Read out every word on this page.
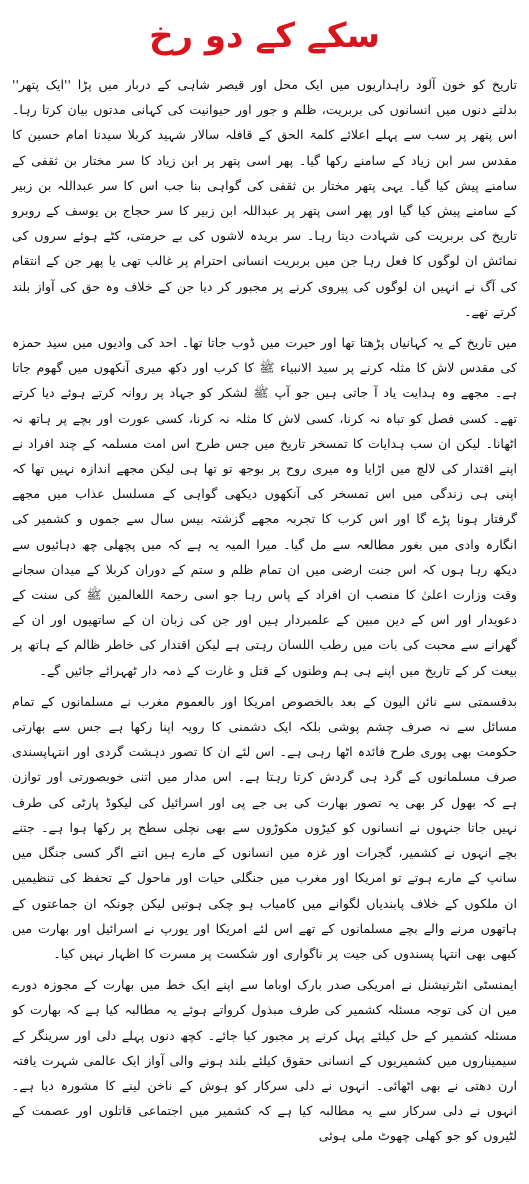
سکے کے دو رخ

تاریخ کو خون آلود راہداریوں میں ایک محل اور قیصر شاہی کے دربار میں پڑا ''ایک پتھر'' بدلتے دنوں میں انسانوں کی بربریت، ظلم و جور اور حیوانیت کی کہانی مدتوں بیان کرتا رہا۔ اس پتھر پر سب سے پہلے اعلائے کلمۃ الحق کے قافلہ سالار شہید کربلا سیدنا امام حسین کا مقدس سر ابن زیاد کے سامنے رکھا گیا۔ پھر اسی پتھر پر ابن زیاد کا سر مختار بن ثقفی کے سامنے پیش کیا گیا۔ یہی پتھر مختار بن ثقفی کی گواہی بنا جب اس کا سر عبداللہ بن زبیر کے سامنے پیش کیا گیا اور پھر اسی پتھر پر عبداللہ ابن زبیر کا سر حجاج بن یوسف کے روبرو تاریخ کی بربریت کی شہادت دیتا رہا۔ سر بریدہ لاشوں کی بے حرمتی، کٹے ہوئے سروں کی نمائش ان لوگوں کا فعل رہا جن میں بربریت انسانی احترام پر غالب تھی یا پھر جن کے انتقام کی آگ نے انہیں ان لوگوں کی پیروی کرنے پر مجبور کر دیا جن کے خلاف وہ حق کی آواز بلند کرتے تھے۔

میں تاریخ کے یہ کہانیاں پڑھتا تھا اور حیرت میں ڈوب جاتا تھا۔ احد کی وادیوں میں سید حمزہ کی مقدس لاش کا مثلہ کرنے پر سید الانبیاء ﷺ کا کرب اور دکھ میری آنکھوں میں گھوم جاتا ہے۔ مجھے وہ ہدایت یاد آ جاتی ہیں جو آپ ﷺ لشکر کو جہاد پر روانہ کرتے ہوئے دیا کرتے تھے۔ کسی فصل کو تباہ نہ کرنا، کسی لاش کا مثلہ نہ کرنا، کسی عورت اور بچے پر ہاتھ نہ اٹھانا۔ لیکن ان سب ہدایات کا تمسخر تاریخ میں جس طرح اس امت مسلمہ کے چند افراد نے اپنے اقتدار کی لالچ میں اڑایا وہ میری روح پر بوجھ تو تھا ہی لیکن مجھے اندازہ نہیں تھا کہ اپنی ہی زندگی میں اس تمسخر کی آنکھوں دیکھی گواہی کے مسلسل عذاب میں مجھے گرفتار ہونا پڑے گا اور اس کرب کا تجربہ مجھے گزشتہ بیس سال سے جموں و کشمیر کی انگارہ وادی میں بغور مطالعہ سے مل گیا۔ میرا المیہ یہ ہے کہ میں پچھلی چھ دہائیوں سے دیکھ رہا ہوں کہ اس جنت ارضی میں ان تمام ظلم و ستم کے دوران کربلا کے میدان سجانے وقت وزارت اعلیٰ کا منصب ان افراد کے پاس رہا جو اسی رحمۃ اللعالمین ﷺ کی سنت کے دعویدار اور اس کے دین مبین کے علمبردار ہیں اور جن کی زبان ان کے ساتھیوں اور ان کے گھرانے سے محبت کی بات میں رطب اللسان رہتی ہے لیکن اقتدار کی خاطر ظالم کے ہاتھ پر بیعت کر کے تاریخ میں اپنے ہی ہم وطنوں کے قتل و غارت کے ذمہ دار ٹھہرائے جائیں گے۔

بدقسمتی سے نائن الیون کے بعد بالخصوص امریکا اور بالعموم مغرب نے مسلمانوں کے تمام مسائل سے نہ صرف چشم پوشی بلکہ ایک دشمنی کا رویہ اپنا رکھا ہے جس سے بھارتی حکومت بھی پوری طرح فائدہ اٹھا رہی ہے۔ اس لئے ان کا تصور دہشت گردی اور انتہاپسندی صرف مسلمانوں کے گرد ہی گردش کرتا رہتا ہے۔ اس مدار میں اتنی خوبصورتی اور توازن ہے کہ بھول کر بھی یہ تصور بھارت کی بی جے پی اور اسرائیل کی لیکوڈ پارٹی کی طرف نہیں جاتا جنہوں نے انسانوں کو کیڑوں مکوڑوں سے بھی نچلی سطح پر رکھا ہوا ہے۔ جتنے بچے انہوں نے کشمیر، گجرات اور غزہ میں انسانوں کے مارے ہیں اتنے اگر کسی جنگل میں سانپ کے مارے ہوتے تو امریکا اور مغرب میں جنگلی حیات اور ماحول کے تحفظ کی تنظیمیں ان ملکوں کے خلاف پابندیاں لگوانے میں کامیاب ہو چکی ہوتیں لیکن چونکہ ان جماعتوں کے ہاتھوں مرنے والے بچے مسلمانوں کے تھے اس لئے امریکا اور یورپ نے اسرائیل اور بھارت میں کبھی بھی انتہا پسندوں کی جیت پر ناگواری اور شکست پر مسرت کا اظہار نہیں کیا۔

ایمنسٹی انٹرنیشنل نے امریکی صدر بارک اوباما سے اپنے ایک خط میں بھارت کے مجوزہ دورے میں ان کی توجہ مسئلہ کشمیر کی طرف مبذول کرواتے ہوئے یہ مطالبہ کیا ہے کہ بھارت کو مسئلہ کشمیر کے حل کیلئے پہل کرنے پر مجبور کیا جائے۔ کچھ دنوں پہلے دلی اور سرینگر کے سیمیناروں میں کشمیریوں کے انسانی حقوق کیلئے بلند ہونے والی آواز ایک عالمی شہرت یافتہ ارن دھتی نے بھی اٹھائی۔ انہوں نے دلی سرکار کو ہوش کے ناخن لینے کا مشورہ دیا ہے۔ انہوں نے دلی سرکار سے یہ مطالبہ کیا ہے کہ کشمیر میں اجتماعی قاتلوں اور عصمت کے لٹیروں کو جو کھلی چھوٹ ملی ہوئی
